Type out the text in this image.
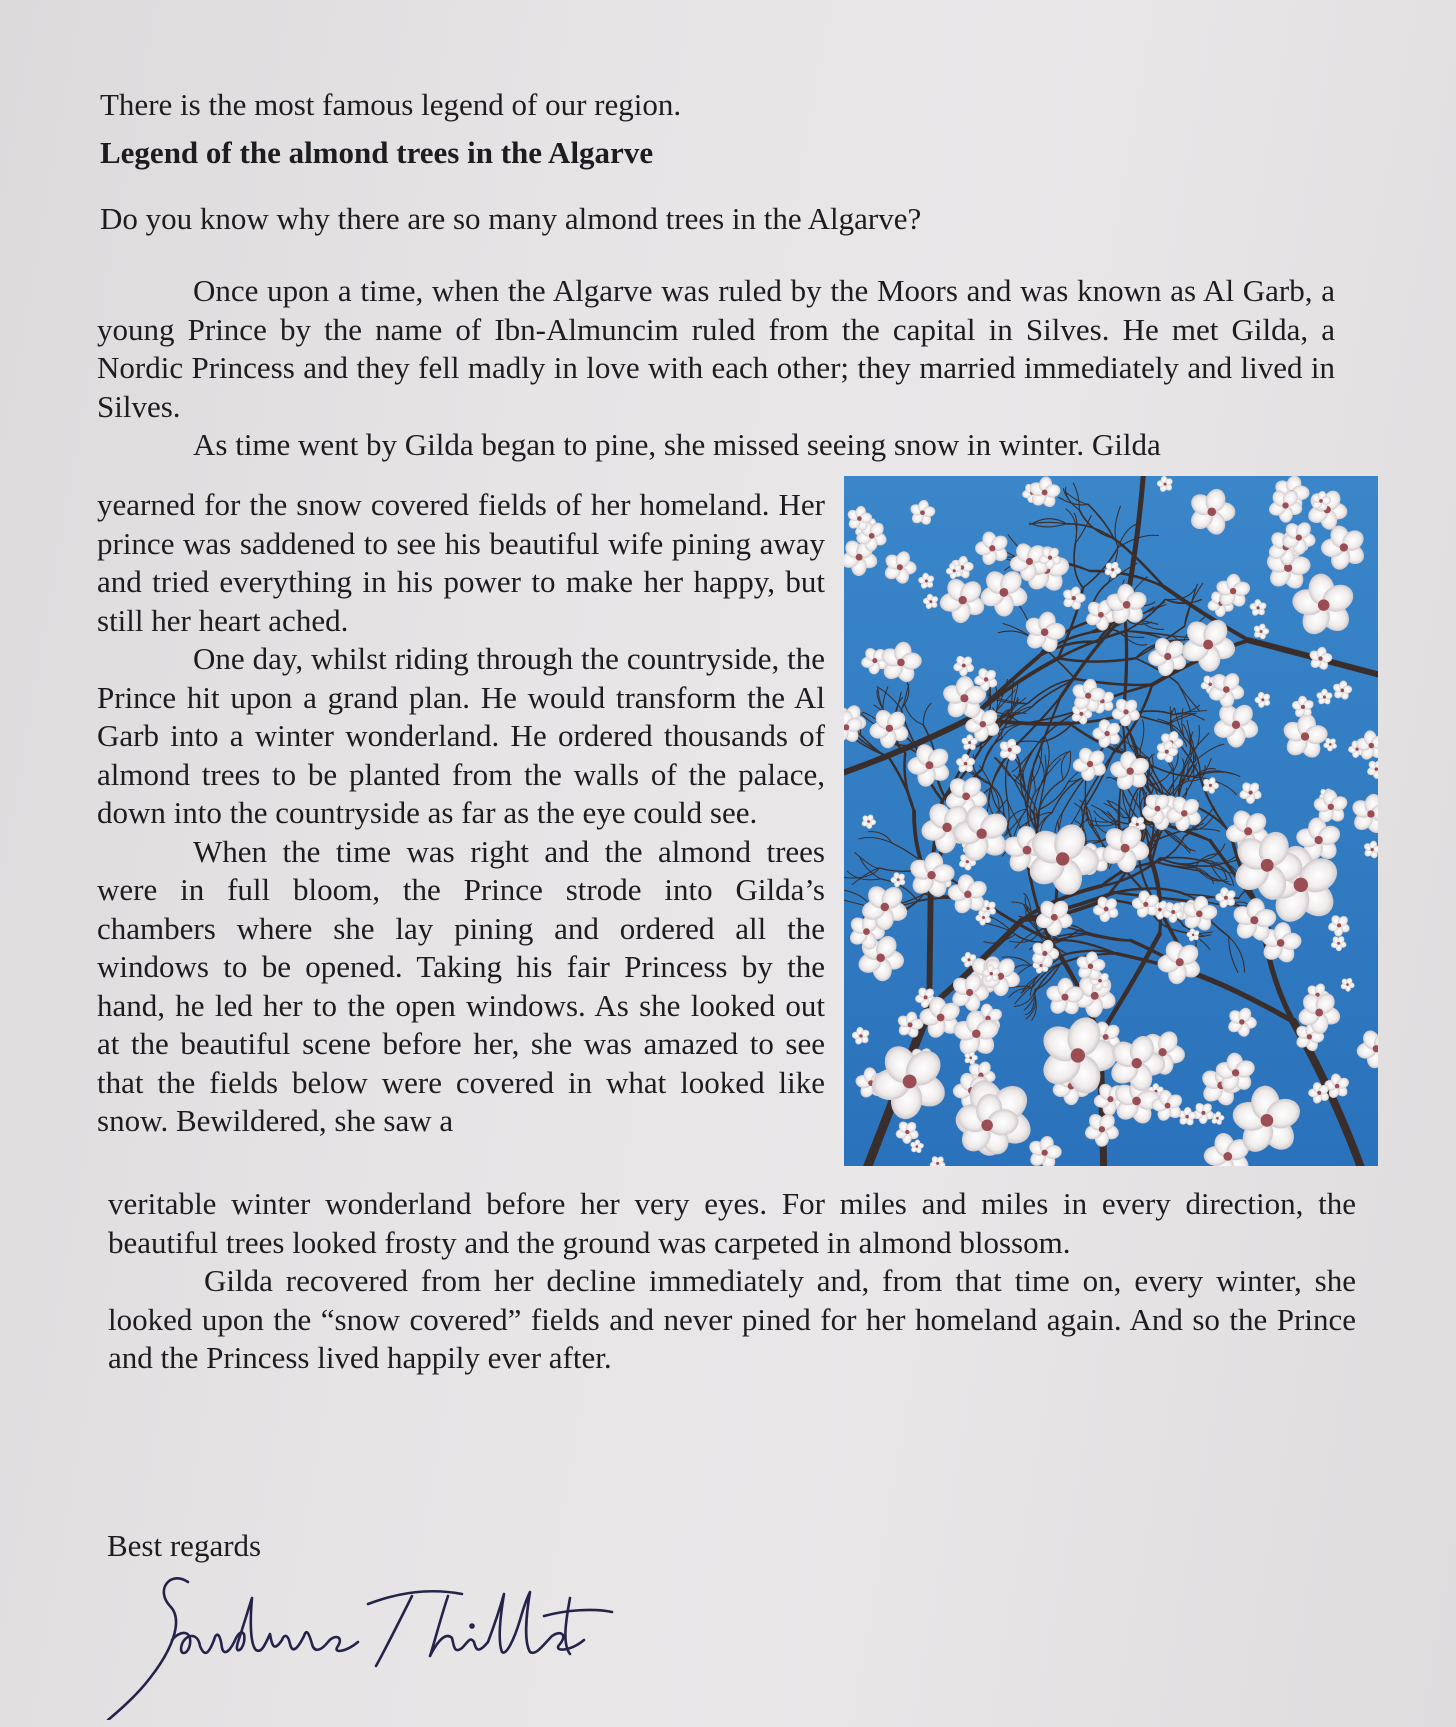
There is the most famous legend of our region.
Legend of the almond trees in the Algarve
Do you know why there are so many almond trees in the Algarve?

Once upon a time, when the Algarve was ruled by the Moors and was known as Al Garb, a young Prince by the name of Ibn-Almuncim ruled from the capital in Silves. He met Gilda, a Nordic Princess and they fell madly in love with each other; they married immediately and lived in Silves.

As time went by Gilda began to pine, she missed seeing snow in winter. Gilda

yearned for the snow covered fields of her homeland. Her prince was saddened to see his beautiful wife pining away and tried everything in his power to make her happy, but still her heart ached.

One day, whilst riding through the countryside, the Prince hit upon a grand plan. He would transform the Al Garb into a winter wonderland. He ordered thousands of almond trees to be planted from the walls of the palace, down into the countryside as far as the eye could see.

When the time was right and the almond trees were in full bloom, the Prince strode into Gilda’s chambers where she lay pining and ordered all the windows to be opened. Taking his fair Princess by the hand, he led her to the open windows. As she looked out at the beautiful scene before her, she was amazed to see that the fields below were covered in what looked like snow. Bewildered, she saw a

veritable winter wonderland before her very eyes. For miles and miles in every direction, the beautiful trees looked frosty and the ground was carpeted in almond blossom.

Gilda recovered from her decline immediately and, from that time on, every winter, she looked upon the “snow covered” fields and never pined for her homeland again. And so the Prince and the Princess lived happily ever after.

Best regards
